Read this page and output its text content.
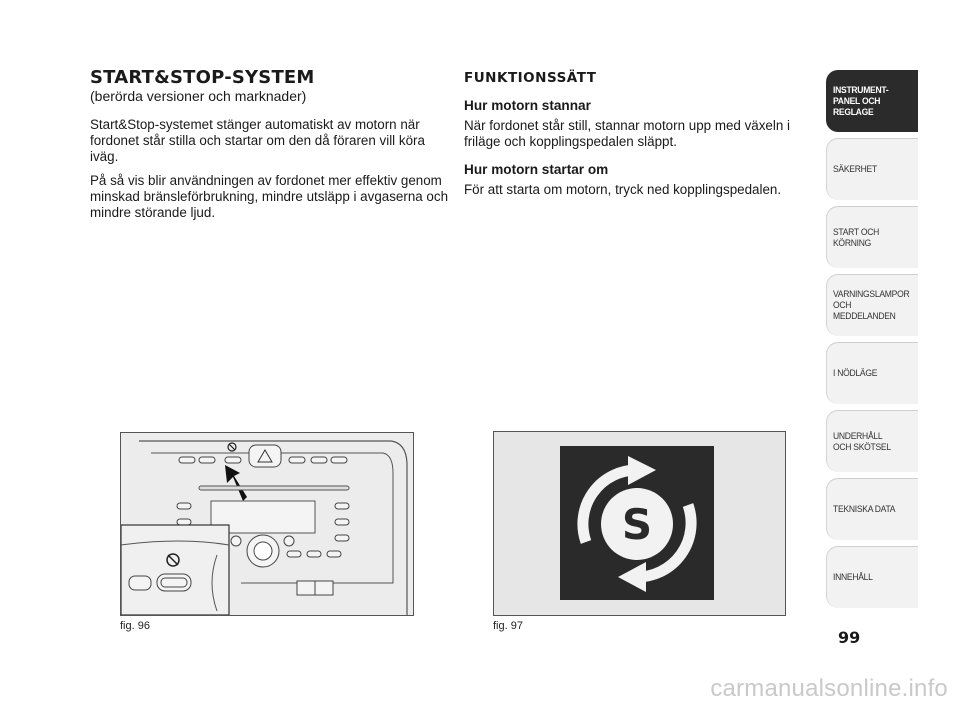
START&STOP-SYSTEM

(berörda versioner och marknader)

Start&Stop-systemet stänger automatiskt av motorn när fordonet står stilla och startar om den då föraren vill köra iväg.

På så vis blir användningen av fordonet mer effektiv genom minskad bränsleförbrukning, mindre utsläpp i avgaserna och mindre störande ljud.

FUNKTIONSSÄTT
Hur motorn stannar

När fordonet står still, stannar motorn upp med växeln i friläge och kopplingspedalen släppt.

Hur motorn startar om

För att starta om motorn, tryck ned kopplingspedalen.

fig. 96
S
fig. 97
INSTRUMENT-
PANEL OCH
REGLAGE
SÄKERHET
START OCH
KÖRNING
VARNINGSLAMPOR
OCH
MEDDELANDEN
I NÖDLÄGE
UNDERHÅLL
OCH SKÖTSEL
TEKNISKA DATA
INNEHÅLL
99
carmanualsonline.info
